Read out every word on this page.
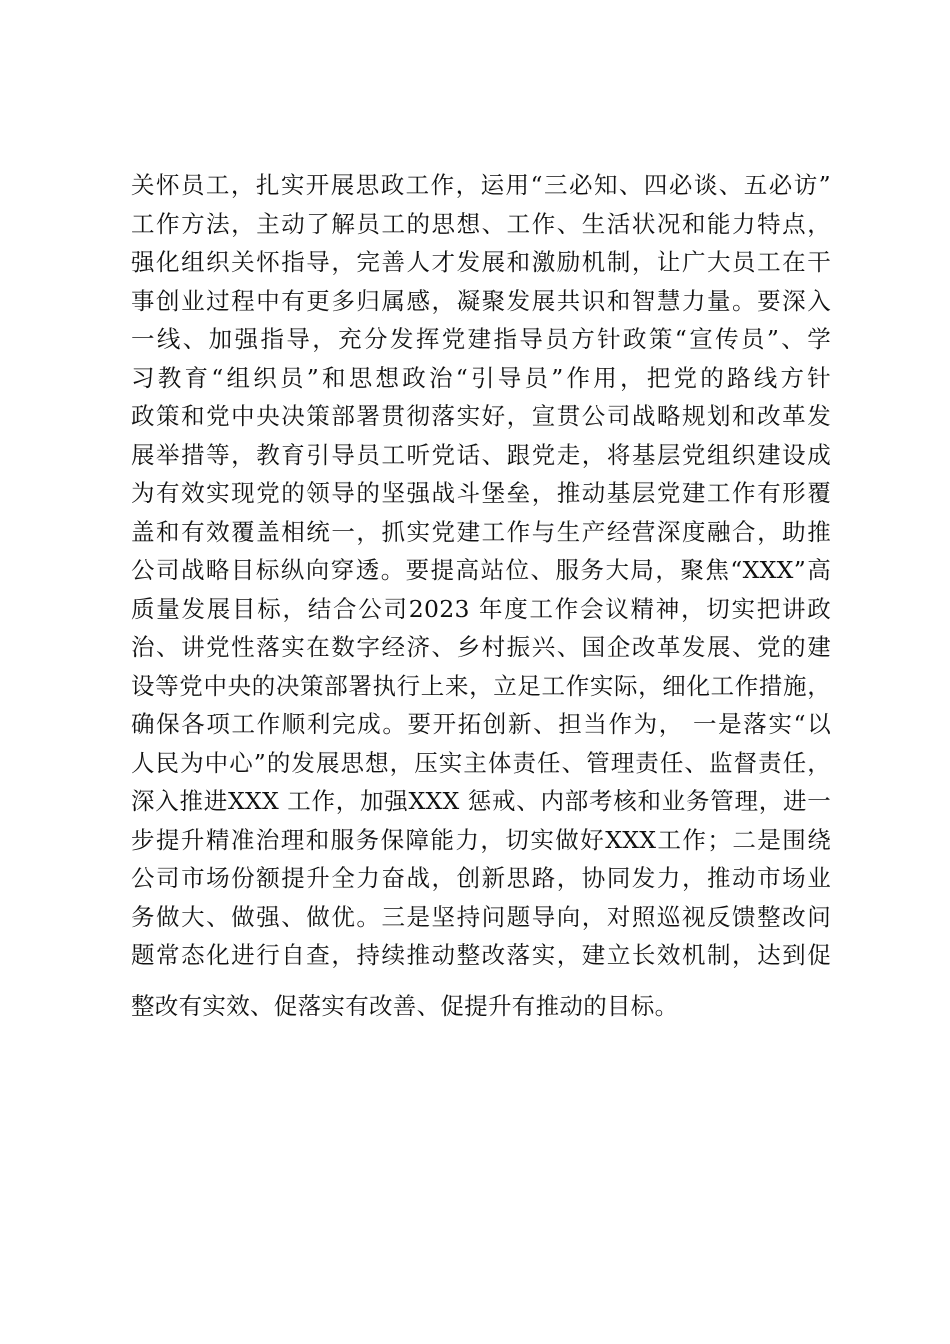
关怀员工，扎实开展思政工作，运用“三必知、四必谈、五必访”
工作方法，主动了解员工的思想、工作、生活状况和能力特点，
强化组织关怀指导，完善人才发展和激励机制，让广大员工在干
事创业过程中有更多归属感，凝聚发展共识和智慧力量。要深入
一线、加强指导，充分发挥党建指导员方针政策“宣传员”、学
习教育“组织员”和思想政治“引导员”作用，把党的路线方针
政策和党中央决策部署贯彻落实好，宣贯公司战略规划和改革发
展举措等，教育引导员工听党话、跟党走，将基层党组织建设成
为有效实现党的领导的坚强战斗堡垒，推动基层党建工作有形覆
盖和有效覆盖相统一，抓实党建工作与生产经营深度融合，助推
公司战略目标纵向穿透。要提高站位、服务大局，聚焦“XXX”高
质量发展目标，结合公司2023 年度工作会议精神，切实把讲政
治、讲党性落实在数字经济、乡村振兴、国企改革发展、党的建
设等党中央的决策部署执行上来，立足工作实际，细化工作措施，
确保各项工作顺利完成。要开拓创新、担当作为， 一是落实“以
人民为中心”的发展思想，压实主体责任、管理责任、监督责任，
深入推进XXX 工作，加强XXX 惩戒、内部考核和业务管理，进一
步提升精准治理和服务保障能力，切实做好XXX工作；二是围绕
公司市场份额提升全力奋战，创新思路，协同发力，推动市场业
务做大、做强、做优。三是坚持问题导向，对照巡视反馈整改问
题常态化进行自查，持续推动整改落实，建立长效机制，达到促
整改有实效、促落实有改善、促提升有推动的目标。
